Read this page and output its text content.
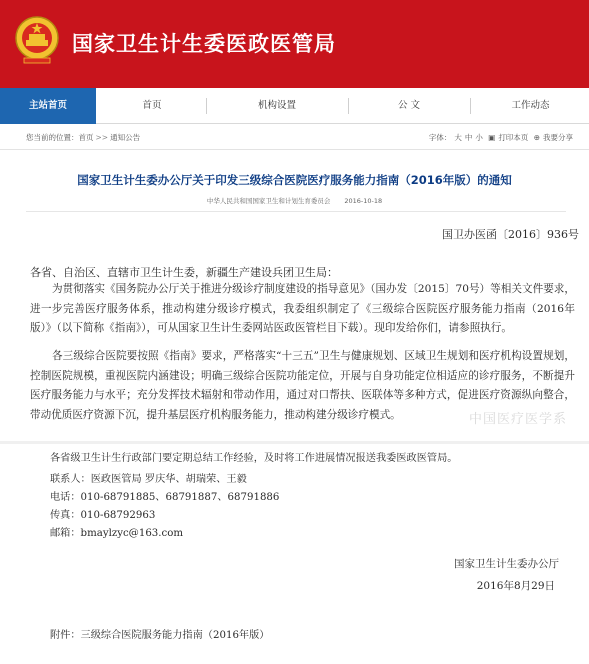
国家卫生计生委医政医管局
主站首页	首页	机构设置	公 文	工作动态
您当前的位置：首页 >> 通知公告	字体： 大 中 小 ▣ 打印本页 ⊕ 我要分享
国家卫生计生委办公厅关于印发三级综合医院医疗服务能力指南（2016年版）的通知
中华人民共和国国家卫生和计划生育委员会 2016-10-18
国卫办医函〔2016〕936号
各省、自治区、直辖市卫生计生委，新疆生产建设兵团卫生局：
为贯彻落实《国务院办公厅关于推进分级诊疗制度建设的指导意见》（国办发〔2015〕70号）等相关文件要求，进一步完善医疗服务体系，推动构建分级诊疗模式，我委组织制定了《三级综合医院医疗服务能力指南（2016年版）》（以下简称《指南》），可从国家卫生计生委网站医政医管栏目下载）。现印发给你们，请参照执行。
各三级综合医院要按照《指南》要求，严格落实“十三五”卫生与健康规划、区域卫生规划和医疗机构设置规划，控制医院规模，重视医院内涵建设；明确三级综合医院功能定位，开展与自身功能定位相适应的诊疗服务，不断提升医疗服务能力与水平；充分发挥技术辐射和带动作用，通过对口帮扶、医联体等多种方式，促进医疗资源纵向整合，带动优质医疗资源下沉，提升基层医疗机构服务能力，推动构建分级诊疗模式。	中国医疗医学系
各省级卫生计生行政部门要定期总结工作经验，及时将工作进展情况报送我委医政医管局。
联系人：医政医管局 罗庆华、胡瑞荣、王毅
电话：010-68791885、68791887、68791886
传真：010-68792963
邮箱：bmaylzyc@163.com
国家卫生计生委办公厅
2016年8月29日
附件：三级综合医院服务能力指南（2016年版）
